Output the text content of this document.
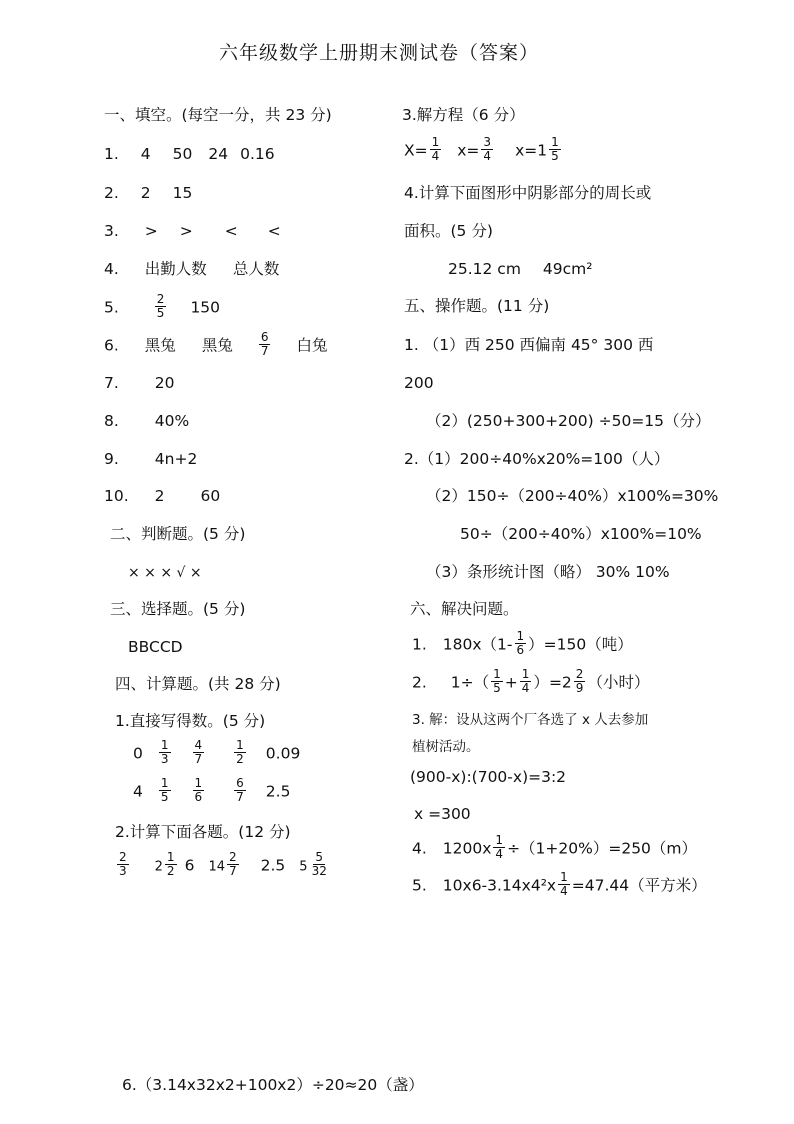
六年级数学上册期末测试卷（答案）
一、填空。(每空一分，共 23 分)
1. 4 50 24 0.16
2. 2 15
3. > > < <
4. 出勤人数 总人数
5.	$\frac{2}{5} 150$
6. 黑兔 黑兔 $\frac{6}{7}$ 白兔
7. 20
8. 40%
9. 4n+2
10. 2 60
二、判断题。(5 分)
× × × √ ×
三、选择题。(5 分)
BBCCD
四、计算题。(共 28 分)
1.直接写得数。(5 分)
$0 \frac{1}{3} \frac{4}{7}$	$\frac{1}{2} 0.09$
$4 \frac{1}{5} \frac{1}{6}$	$\frac{6}{7} 2.5$
2.计算下面各题。(12 分)
$\frac{2}{3} 2 \frac{1}{2} 6$ $14 \frac{2}{7} 2.5$ $5 \frac{5}{32}$
3.解方程（6 分）
$X= \frac{1}{4} x= \frac{3}{4} x=1 \frac{1}{5}$
4.计算下面图形中阴影部分的周长或
面积。(5 分)
25.12 cm 49cm²
五、操作题。(11 分)
1. （1）西 250 西偏南 45° 300 西
200
（2）(250+300+200) ÷50=15（分）
2.（1）200÷40%x20%=100（人）
（2）150÷（200÷40%）x100%=30%
50÷（200÷40%）x100%=10%
（3）条形统计图（略） 30% 10%
六、解决问题。
1. $180x(1- \frac{1}{6} )=150$（吨）
2. $1\div( \frac{1}{5} + \frac{1}{4} )=2 \frac{2}{9}$ （小时）
3. 解：设从这两个厂各选了 x 人去参加
植树活动。
(900-x):(700-x)=3:2
x =300
4. $1200x \frac{1}{4} \div(1+20\%)=250(m)$
5. $10x6-3.14x4^2x \frac{1}{4} =47.44$（平方米）
6.（3.14x32x2+100x2）÷20≈20（盏）
